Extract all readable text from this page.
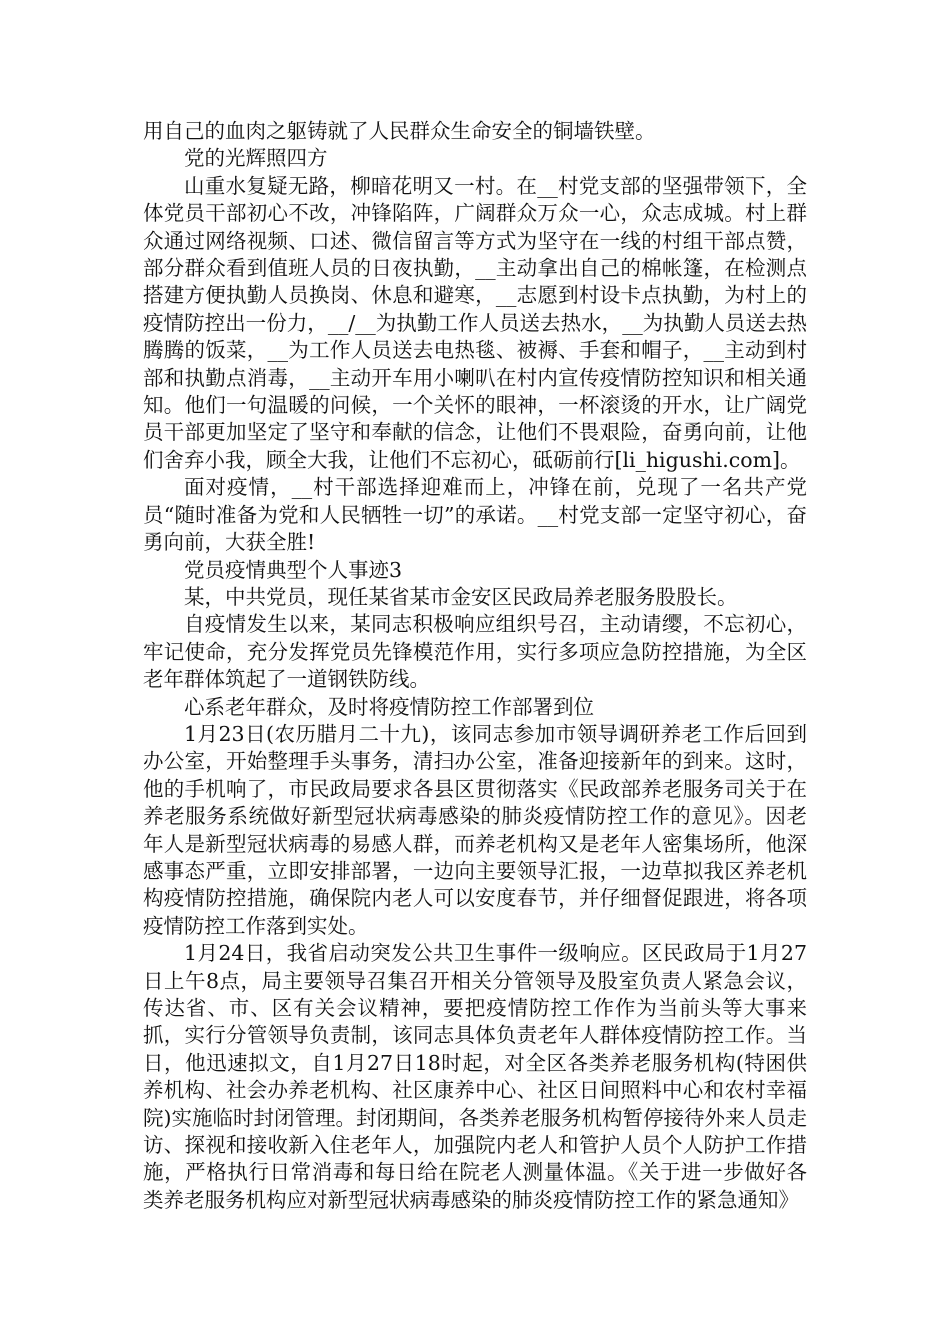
用自己的血肉之躯铸就了人民群众生命安全的铜墙铁壁。

党的光辉照四方

山重水复疑无路，柳暗花明又一村。在__村党支部的坚强带领下，全体党员干部初心不改，冲锋陷阵，广阔群众万众一心，众志成城。村上群众通过网络视频、口述、微信留言等方式为坚守在一线的村组干部点赞，部分群众看到值班人员的日夜执勤，__主动拿出自己的棉帐篷，在检测点搭建方便执勤人员换岗、休息和避寒，__志愿到村设卡点执勤，为村上的疫情防控出一份力，__/__为执勤工作人员送去热水，__为执勤人员送去热腾腾的饭菜，__为工作人员送去电热毯、被褥、手套和帽子，__主动到村部和执勤点消毒，__主动开车用小喇叭在村内宣传疫情防控知识和相关通知。他们一句温暖的问候，一个关怀的眼神，一杯滚烫的开水，让广阔党员干部更加坚定了坚守和奉献的信念，让他们不畏艰险，奋勇向前，让他们舍弃小我，顾全大我，让他们不忘初心，砥砺前行[li_higushi.com]。

面对疫情，__村干部选择迎难而上，冲锋在前，兑现了一名共产党员“随时准备为党和人民牺牲一切”的承诺。__村党支部一定坚守初心，奋勇向前，大获全胜!

党员疫情典型个人事迹3

某，中共党员，现任某省某市金安区民政局养老服务股股长。

自疫情发生以来，某同志积极响应组织号召，主动请缨，不忘初心，牢记使命，充分发挥党员先锋模范作用，实行多项应急防控措施，为全区老年群体筑起了一道钢铁防线。

心系老年群众，及时将疫情防控工作部署到位

1月23日(农历腊月二十九)，该同志参加市领导调研养老工作后回到办公室，开始整理手头事务，清扫办公室，准备迎接新年的到来。这时，他的手机响了，市民政局要求各县区贯彻落实《民政部养老服务司关于在养老服务系统做好新型冠状病毒感染的肺炎疫情防控工作的意见》。因老年人是新型冠状病毒的易感人群，而养老机构又是老年人密集场所，他深感事态严重，立即安排部署，一边向主要领导汇报，一边草拟我区养老机构疫情防控措施，确保院内老人可以安度春节，并仔细督促跟进，将各项疫情防控工作落到实处。

1月24日，我省启动突发公共卫生事件一级响应。区民政局于1月27日上午8点，局主要领导召集召开相关分管领导及股室负责人紧急会议，传达省、市、区有关会议精神，要把疫情防控工作作为当前头等大事来抓，实行分管领导负责制，该同志具体负责老年人群体疫情防控工作。当日，他迅速拟文，自1月27日18时起，对全区各类养老服务机构(特困供养机构、社会办养老机构、社区康养中心、社区日间照料中心和农村幸福院)实施临时封闭管理。封闭期间，各类养老服务机构暂停接待外来人员走访、探视和接收新入住老年人，加强院内老人和管护人员个人防护工作措施，严格执行日常消毒和每日给在院老人测量体温。《关于进一步做好各类养老服务机构应对新型冠状病毒感染的肺炎疫情防控工作的紧急通知》
